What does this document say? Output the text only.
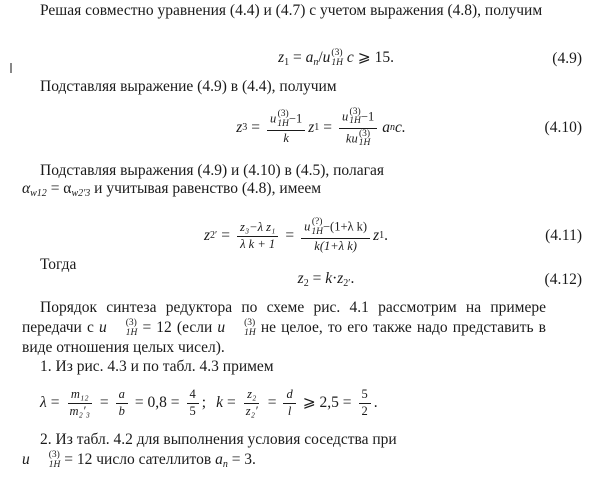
Решая совместно уравнения (4.4) и (4.7) с учетом выражения (4.8), получим

$z_1 = a_n/u$ (3)
1H c ⩾ 15.	(4.9)

Подставляя выражение (4.9) в (4.4), получим

z 3 = u (3)
1H −1
k z 1 = u (3)
1H −1
ku (3)
1H a n c.	(4.10)

Подставляя выражения (4.9) и (4.10) в (4.5), полагая
$\alpha_{w12} = \alpha_{w2'3}$ и учитывая равенство (4.8), имеем

z $2' = \frac{\text{z₃−λ z₁}}{\text{λ k + 1}} = u$ (?)
1H −(1+λ k)
k(1+λ k) z 1 .	(4.11)

Тогда

$z_2 = k\cdot z_{2'}$.	(4.12)

Порядок синтеза редуктора по схеме рис. 4.1 рассмотрим на примере передачи с u	(3)
1H = 12 (если u	(3)
1H не целое, то его также надо представить в виде отношения целых чисел).

1. Из рис. 4.3 и по табл. 4.3 примем

$\lambda = \frac{\text{m₁₂}}{\text{m₂′₃}} = \frac{a}{b} = 0,8 = \frac{4}{5}$ ; $k = \frac{\text{z₂}}{\text{z₂′}} = \frac{d}{l}$ ⩾ $2,5 = \frac{5}{2}$ .

2. Из табл. 4.2 для выполнения условия соседства при
u	(3)
1H = 12 число сателлитов $a_n = 3$.
